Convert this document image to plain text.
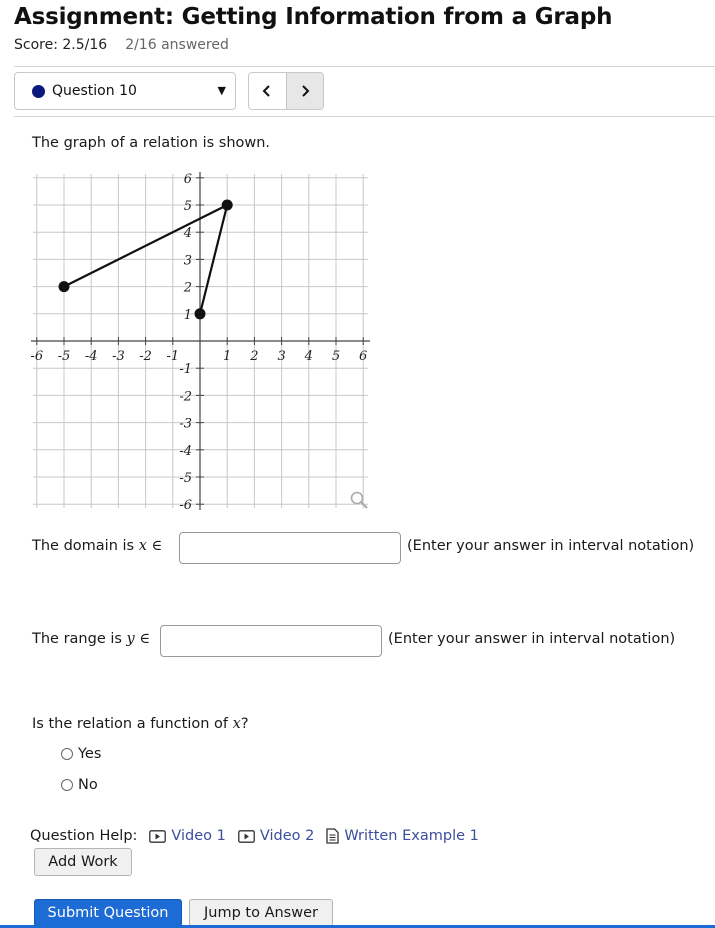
Assignment: Getting Information from a Graph
Score: 2.5/16 2/16 answered
Question 10	▼
The graph of a relation is shown.
-6 -5 -4 -3 -2 -1	1 2 3 4 5 6
-6
-5
-4
-3
-2
-1
1
2
3
4
5
6
The domain is x ∈	(Enter your answer in interval notation)
The range is y ∈	(Enter your answer in interval notation)
Is the relation a function of x?
Yes
No
Question Help: Video 1 Video 2 Written Example 1
Add Work
Submit Question	Jump to Answer
